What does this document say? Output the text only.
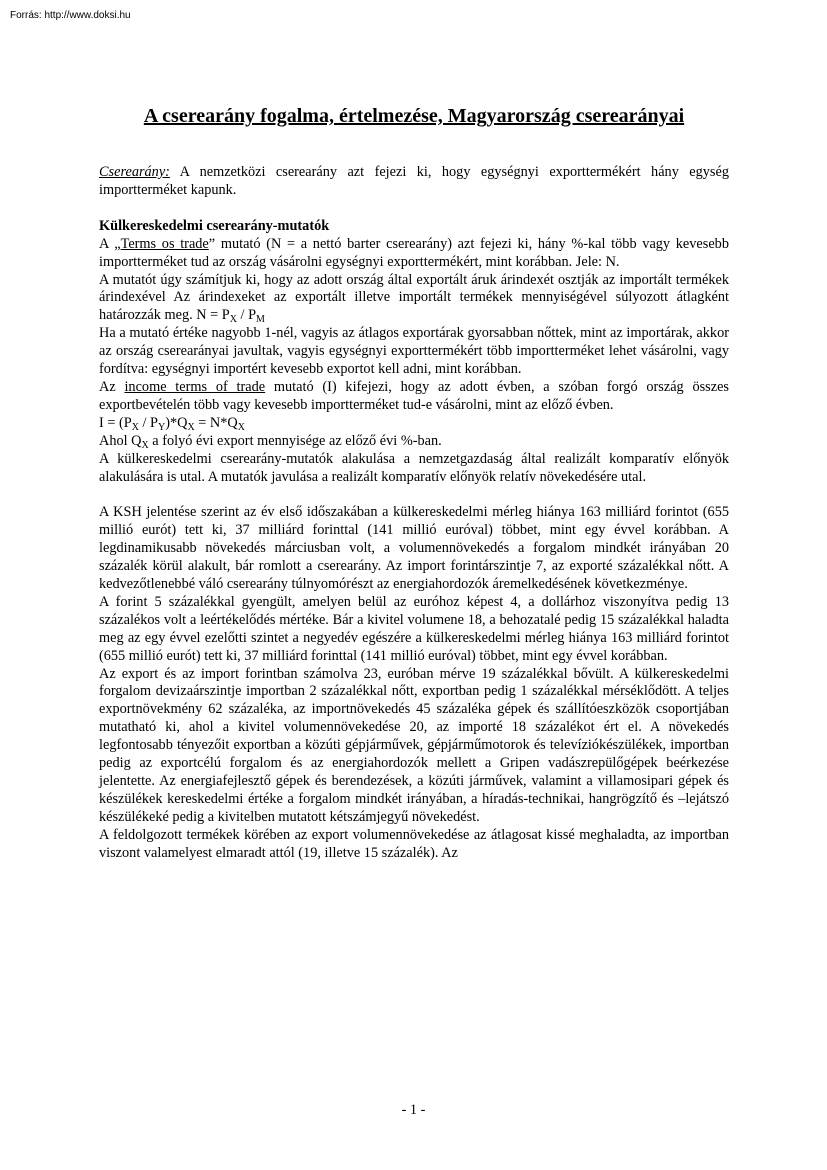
Forrás: http://www.doksi.hu
A cserearány fogalma, értelmezése, Magyarország cserearányai

Cserearány: A nemzetközi cserearány azt fejezi ki, hogy egységnyi exporttermékért hány egység importterméket kapunk.

Külkereskedelmi cserearány-mutatók

A „Terms os trade” mutató (N = a nettó barter cserearány) azt fejezi ki, hány %-kal több vagy kevesebb importterméket tud az ország vásárolni egységnyi exporttermékért, mint korábban. Jele: N.

A mutatót úgy számítjuk ki, hogy az adott ország által exportált áruk árindexét osztják az importált termékek árindexével Az árindexeket az exportált illetve importált termékek mennyiségével súlyozott átlagként határozzák meg. $N = P_X / P_M$

Ha a mutató értéke nagyobb 1-nél, vagyis az átlagos exportárak gyorsabban nőttek, mint az importárak, akkor az ország cserearányai javultak, vagyis egységnyi exporttermékért több importterméket lehet vásárolni, vagy fordítva: egységnyi importért kevesebb exportot kell adni, mint korábban.

Az income terms of trade mutató (I) kifejezi, hogy az adott évben, a szóban forgó ország összes exportbevételén több vagy kevesebb importterméket tud-e vásárolni, mint az előző évben.

$I = (P_X / P_Y)*Q_X = N*Q_X$

Ahol $Q_X$ a folyó évi export mennyisége az előző évi %-ban.

A külkereskedelmi cserearány-mutatók alakulása a nemzetgazdaság által realizált komparatív előnyök alakulására is utal. A mutatók javulása a realizált komparatív előnyök relatív növekedésére utal.

A KSH jelentése szerint az év első időszakában a külkereskedelmi mérleg hiánya 163 milliárd forintot (655 millió eurót) tett ki, 37 milliárd forinttal (141 millió euróval) többet, mint egy évvel korábban. A legdinamikusabb növekedés márciusban volt, a volumennövekedés a forgalom mindkét irányában 20 százalék körül alakult, bár romlott a cserearány. Az import forintárszintje 7, az exporté százalékkal nőtt. A kedvezőtlenebbé váló cserearány túlnyomórészt az energiahordozók áremelkedésének következménye.

A forint 5 százalékkal gyengült, amelyen belül az euróhoz képest 4, a dollárhoz viszonyítva pedig 13 százalékos volt a leértékelődés mértéke. Bár a kivitel volumene 18, a behozatalé pedig 15 százalékkal haladta meg az egy évvel ezelőtti szintet a negyedév egészére a külkereskedelmi mérleg hiánya 163 milliárd forintot (655 millió eurót) tett ki, 37 milliárd forinttal (141 millió euróval) többet, mint egy évvel korábban.

Az export és az import forintban számolva 23, euróban mérve 19 százalékkal bővült. A külkereskedelmi forgalom devizaárszintje importban 2 százalékkal nőtt, exportban pedig 1 százalékkal mérséklődött. A teljes exportnövekmény 62 százaléka, az importnövekedés 45 százaléka gépek és szállítóeszközök csoportjában mutatható ki, ahol a kivitel volumennövekedése 20, az importé 18 százalékot ért el. A növekedés legfontosabb tényezőit exportban a közúti gépjárművek, gépjárműmotorok és televíziókészülékek, importban pedig az exportcélú forgalom és az energiahordozók mellett a Gripen vadászrepülőgépek beérkezése jelentette. Az energiafejlesztő gépek és berendezések, a közúti járművek, valamint a villamosipari gépek és készülékek kereskedelmi értéke a forgalom mindkét irányában, a híradás-technikai, hangrögzítő és –lejátszó készülékeké pedig a kivitelben mutatott kétszámjegyű növekedést.

A feldolgozott termékek körében az export volumennövekedése az átlagosat kissé meghaladta, az importban viszont valamelyest elmaradt attól (19, illetve 15 százalék). Az

- 1 -
